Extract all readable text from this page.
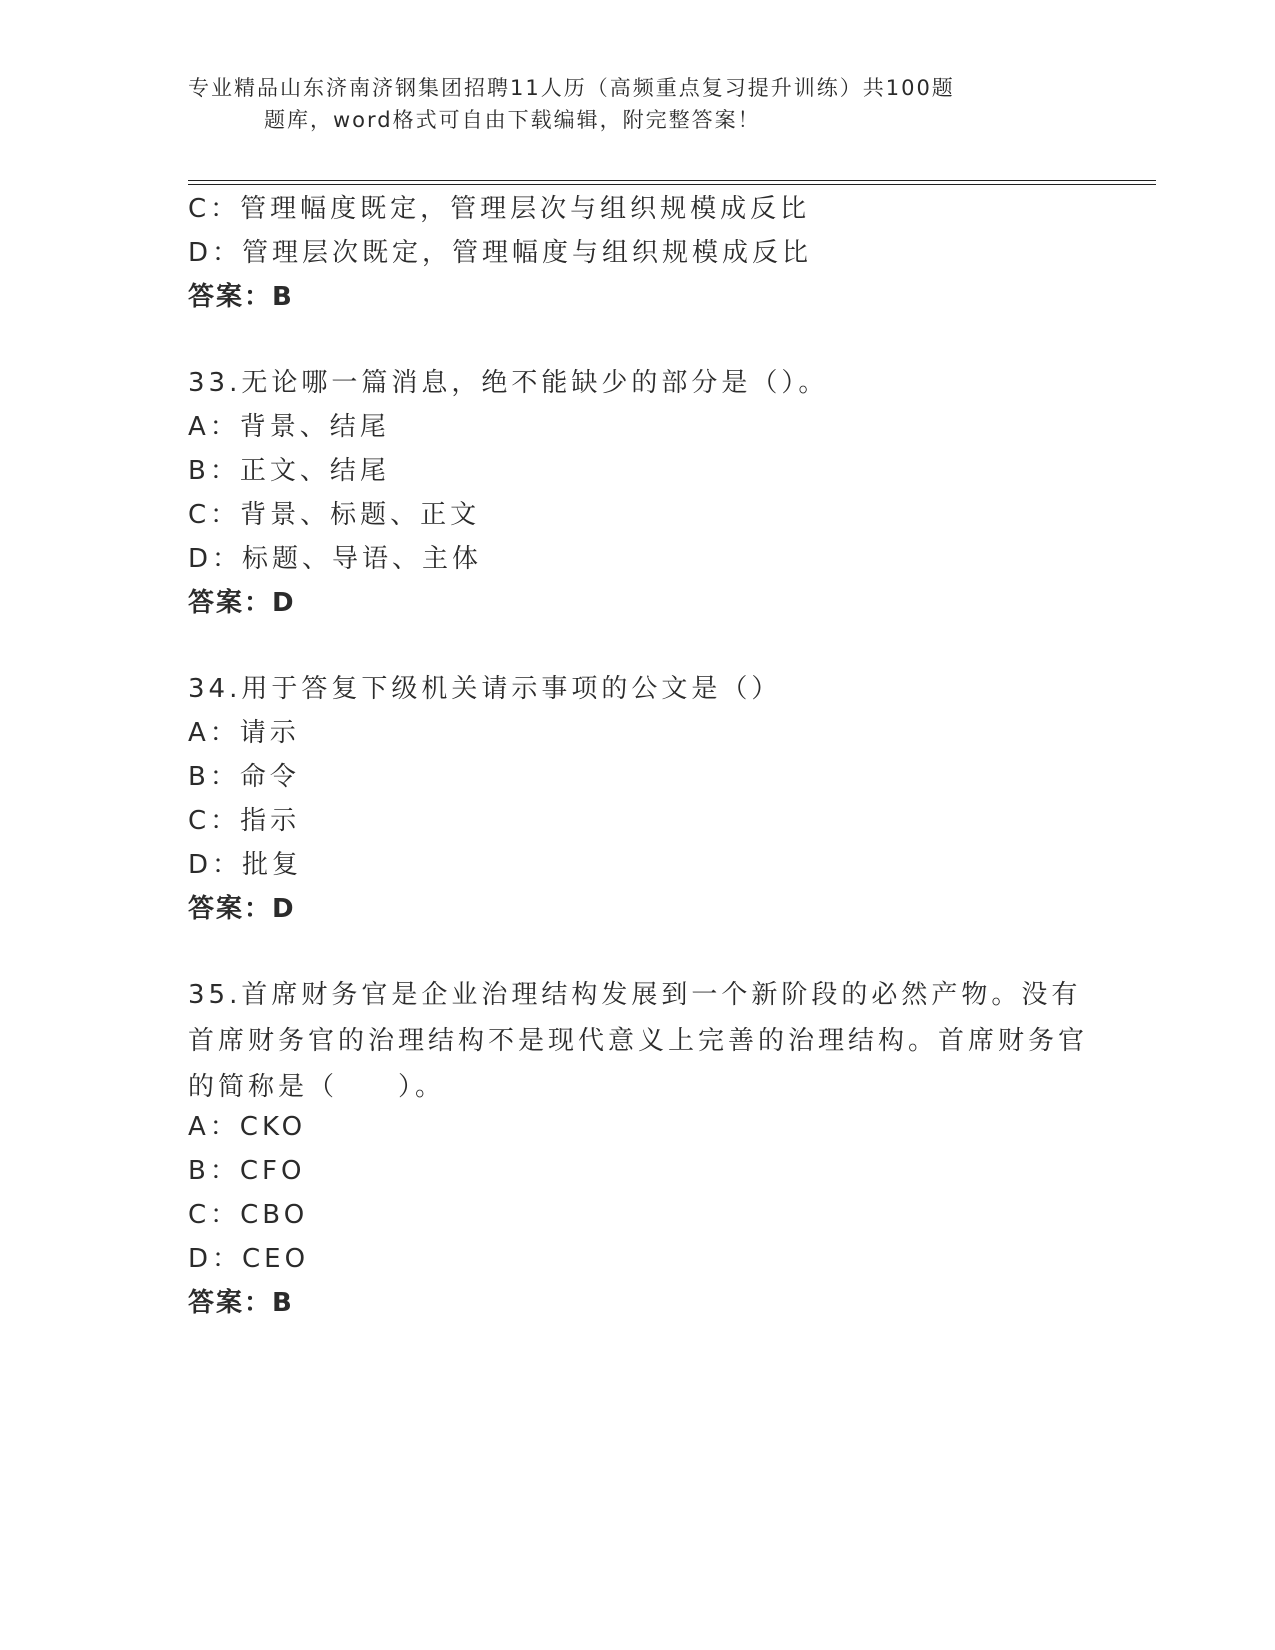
专业精品山东济南济钢集团招聘11人历（高频重点复习提升训练）共100题
题库，word格式可自由下载编辑，附完整答案！
C：管理幅度既定，管理层次与组织规模成反比
D：管理层次既定，管理幅度与组织规模成反比
答案：B
33.无论哪一篇消息，绝不能缺少的部分是（）。
A：背景、结尾
B：正文、结尾
C：背景、标题、正文
D：标题、导语、主体
答案：D
34.用于答复下级机关请示事项的公文是（）
A：请示
B：命令
C：指示
D：批复
答案：D
35.首席财务官是企业治理结构发展到一个新阶段的必然产物。没有首席财务官的治理结构不是现代意义上完善的治理结构。首席财务官的简称是（　　）。
A：CKO
B：CFO
C：CBO
D：CEO
答案：B
